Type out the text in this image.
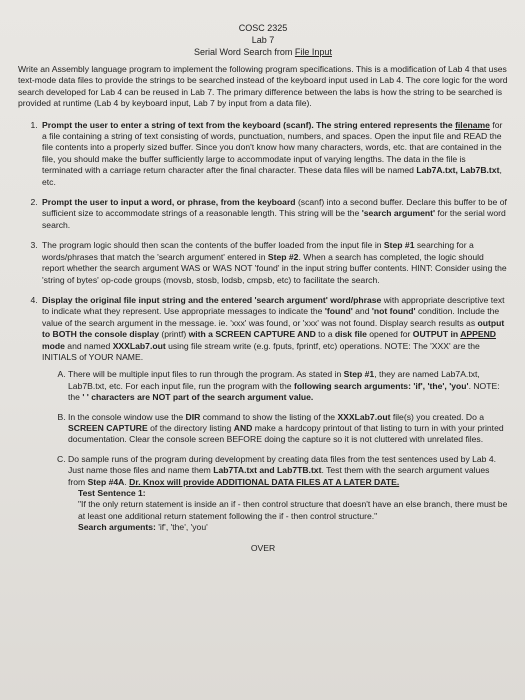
COSC 2325
Lab 7
Serial Word Search from File Input

Write an Assembly language program to implement the following program specifications. This is a modification of Lab 4 that uses text-mode data files to provide the strings to be searched instead of the keyboard input used in Lab 4. The core logic for the word search developed for Lab 4 can be reused in Lab 7. The primary difference between the labs is how the string to be searched is provided at runtime (Lab 4 by keyboard input, Lab 7 by input from a data file).

1. Prompt the user to enter a string of text from the keyboard (scanf). The string entered represents the filename for a file containing a string of text consisting of words, punctuation, numbers, and spaces. Open the input file and READ the file contents into a properly sized buffer. Since you don't know how many characters, words, etc. that are contained in the file, you should make the buffer sufficiently large to accommodate input of varying lengths. The data in the file is terminated with a carriage return character after the final character. These data files will be named Lab7A.txt, Lab7B.txt, etc.
2. Prompt the user to input a word, or phrase, from the keyboard (scanf) into a second buffer. Declare this buffer to be of sufficient size to accommodate strings of a reasonable length. This string will be the 'search argument' for the serial word search.
3. The program logic should then scan the contents of the buffer loaded from the input file in Step #1 searching for a words/phrases that match the 'search argument' entered in Step #2. When a search has completed, the logic should report whether the search argument WAS or WAS NOT 'found' in the input string buffer contents. HINT: Consider using the 'string of bytes' op-code groups (movsb, stosb, lodsb, cmpsb, etc) to facilitate the search.
4. Display the original file input string and the entered 'search argument' word/phrase with appropriate descriptive text to indicate what they represent. Use appropriate messages to indicate the 'found' and 'not found' condition. Include the value of the search argument in the message. ie. 'xxx' was found, or 'xxx' was not found. Display search results as output to BOTH the console display (printf) with a SCREEN CAPTURE AND to a disk file opened for OUTPUT in APPEND mode and named XXXLab7.out using file stream write (e.g. fputs, fprintf, etc) operations. NOTE: The 'XXX' are the INITIALS of YOUR NAME.
A. There will be multiple input files to run through the program. As stated in Step #1, they are named Lab7A.txt, Lab7B.txt, etc. For each input file, run the program with the following search arguments: 'if', 'the', 'you'. NOTE: the ' ' characters are NOT part of the search argument value.
B. In the console window use the DIR command to show the listing of the XXXLab7.out file(s) you created. Do a SCREEN CAPTURE of the directory listing AND make a hardcopy printout of that listing to turn in with your printed documentation. Clear the console screen BEFORE doing the capture so it is not cluttered with unrelated files.
C. Do sample runs of the program during development by creating data files from the test sentences used by Lab 4. Just name those files and name them Lab7TA.txt and Lab7TB.txt. Test them with the search argument values from Step #4A. Dr. Knox will provide ADDITIONAL DATA FILES AT A LATER DATE.
Test Sentence 1:
"If the only return statement is inside an if - then control structure that doesn't have an else branch, there must be at least one additional return statement following the if - then control structure."
Search arguments: 'if', 'the', 'you'
OVER
